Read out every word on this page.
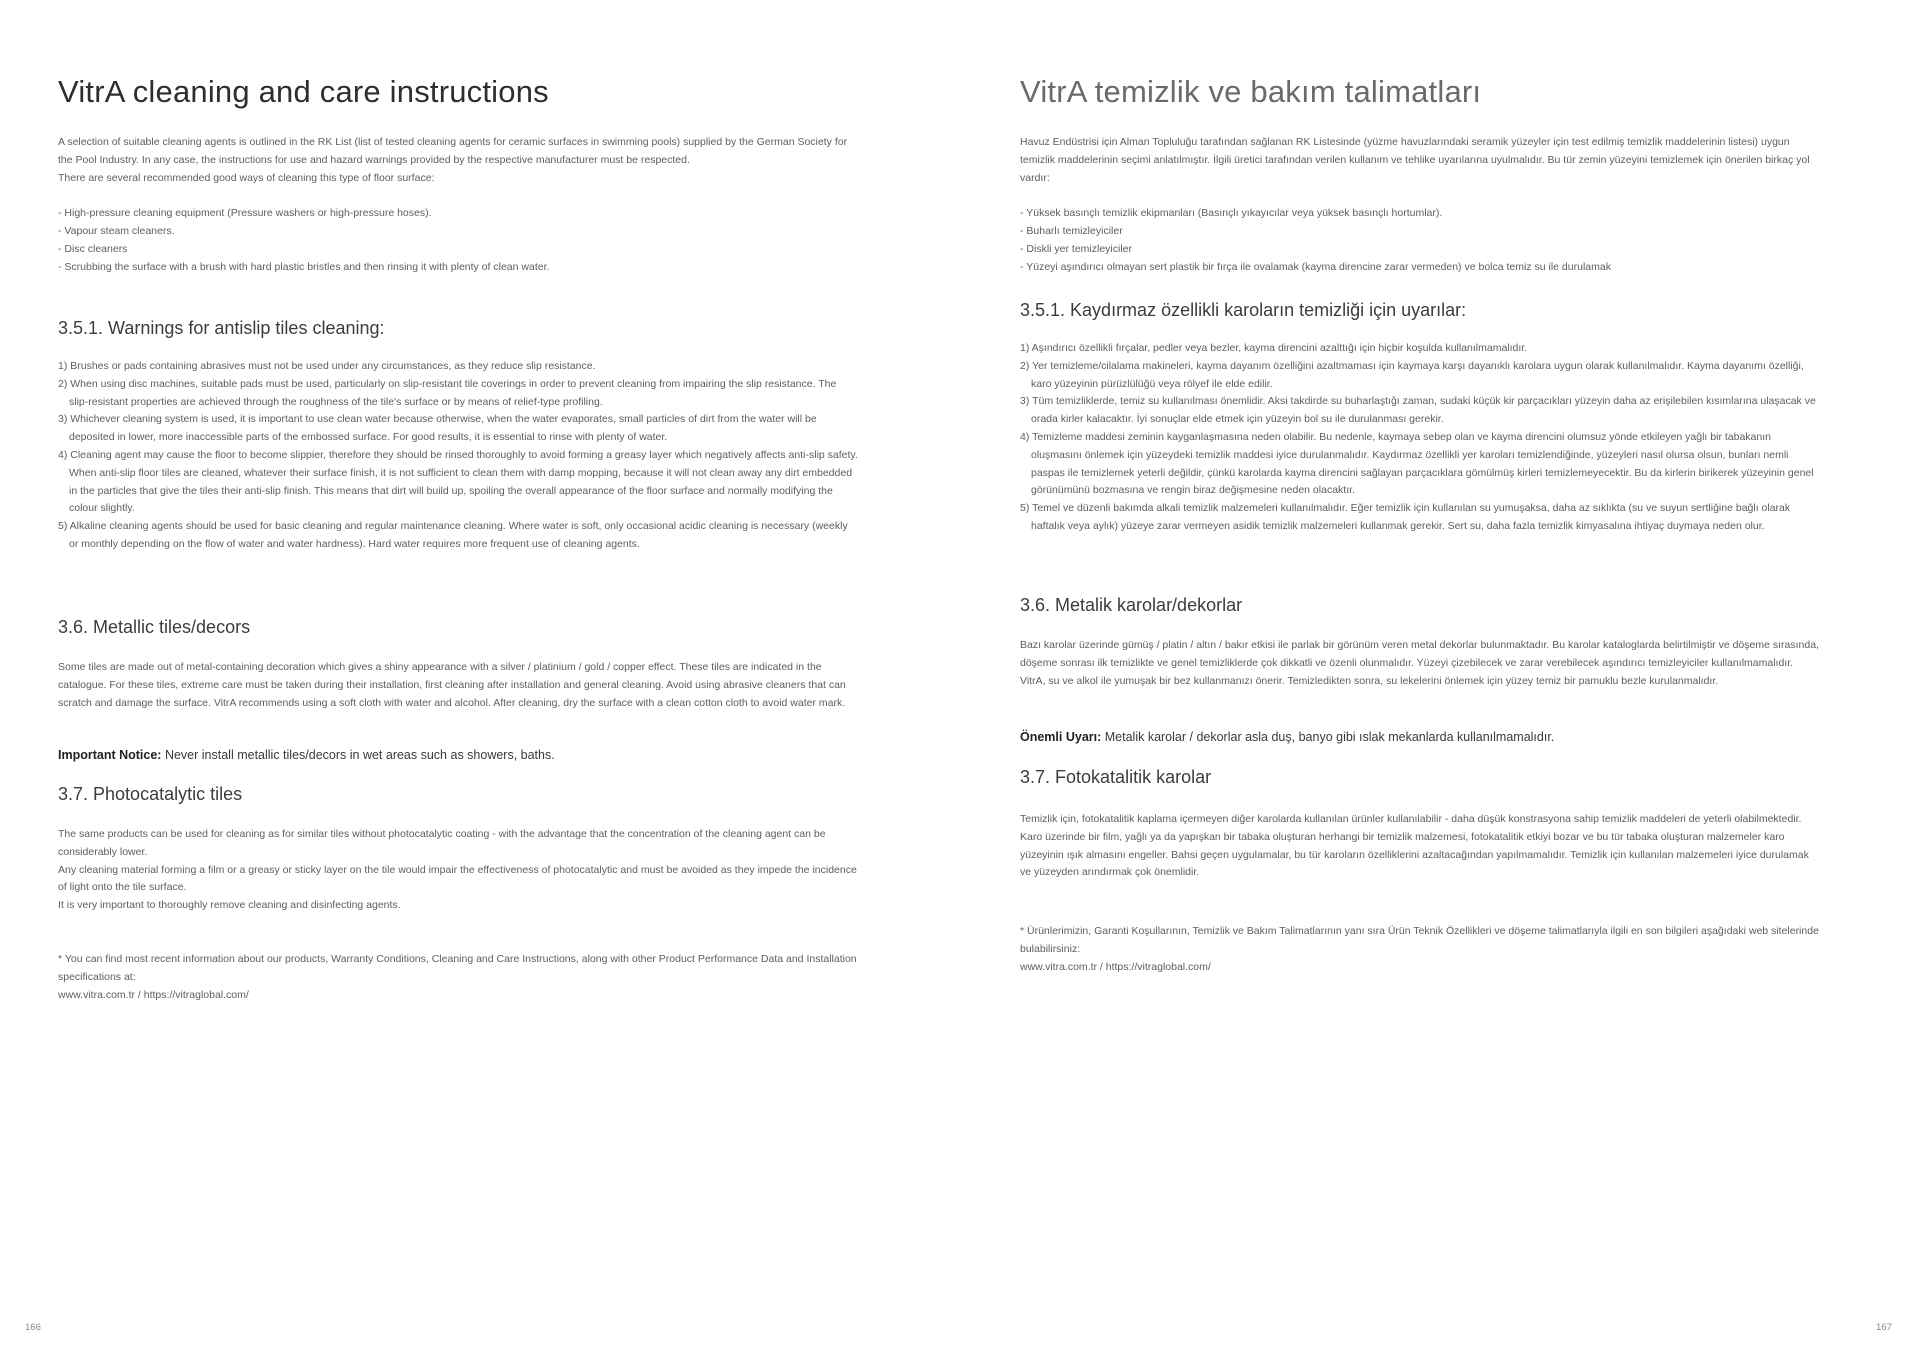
VitrA cleaning and care instructions

A selection of suitable cleaning agents is outlined in the RK List (list of tested cleaning agents for ceramic surfaces in swimming pools) supplied by the German Society for the Pool Industry. In any case, the instructions for use and hazard warnings provided by the respective manufacturer must be respected.

There are several recommended good ways of cleaning this type of floor surface:

- High-pressure cleaning equipment (Pressure washers or high-pressure hoses).

- Vapour steam cleaners.

- Disc cleaners

- Scrubbing the surface with a brush with hard plastic bristles and then rinsing it with plenty of clean water.

3.5.1. Warnings for antislip tiles cleaning:
1) Brushes or pads containing abrasives must not be used under any circumstances, as they reduce slip resistance.
2) When using disc machines, suitable pads must be used, particularly on slip-resistant tile coverings in order to prevent cleaning from impairing the slip resistance. The slip-resistant properties are achieved through the roughness of the tile's surface or by means of relief-type profiling.
3) Whichever cleaning system is used, it is important to use clean water because otherwise, when the water evaporates, small particles of dirt from the water will be deposited in lower, more inaccessible parts of the embossed surface. For good results, it is essential to rinse with plenty of water.
4) Cleaning agent may cause the floor to become slippier, therefore they should be rinsed thoroughly to avoid forming a greasy layer which negatively affects anti-slip safety. When anti-slip floor tiles are cleaned, whatever their surface finish, it is not sufficient to clean them with damp mopping, because it will not clean away any dirt embedded in the particles that give the tiles their anti-slip finish. This means that dirt will build up, spoiling the overall appearance of the floor surface and normally modifying the colour slightly.
5) Alkaline cleaning agents should be used for basic cleaning and regular maintenance cleaning. Where water is soft, only occasional acidic cleaning is necessary (weekly or monthly depending on the flow of water and water hardness). Hard water requires more frequent use of cleaning agents.
3.6. Metallic tiles/decors

Some tiles are made out of metal-containing decoration which gives a shiny appearance with a silver / platinium / gold / copper effect. These tiles are indicated in the catalogue. For these tiles, extreme care must be taken during their installation, first cleaning after installation and general cleaning. Avoid using abrasive cleaners that can scratch and damage the surface. VitrA recommends using a soft cloth with water and alcohol. After cleaning, dry the surface with a clean cotton cloth to avoid water mark.

Important Notice: Never install metallic tiles/decors in wet areas such as showers, baths.

3.7. Photocatalytic tiles

The same products can be used for cleaning as for similar tiles without photocatalytic coating - with the advantage that the concentration of the cleaning agent can be considerably lower.

Any cleaning material forming a film or a greasy or sticky layer on the tile would impair the effectiveness of photocatalytic and must be avoided as they impede the incidence of light onto the tile surface.

It is very important to thoroughly remove cleaning and disinfecting agents.

* You can find most recent information about our products, Warranty Conditions, Cleaning and Care Instructions, along with other Product Performance Data and Installation specifications at:

www.vitra.com.tr / https://vitraglobal.com/

166
VitrA temizlik ve bakım talimatları

Havuz Endüstrisi için Alman Topluluğu tarafından sağlanan RK Listesinde (yüzme havuzlarındaki seramik yüzeyler için test edilmiş temizlik maddelerinin listesi) uygun temizlik maddelerinin seçimi anlatılmıştır. İlgili üretici tarafından verilen kullanım ve tehlike uyarılarına uyulmalıdır. Bu tür zemin yüzeyini temizlemek için önerilen birkaç yol vardır:

- Yüksek basınçlı temizlik ekipmanları (Basınçlı yıkayıcılar veya yüksek basınçlı hortumlar).

- Buharlı temizleyiciler

- Diskli yer temizleyiciler

- Yüzeyi aşındırıcı olmayan sert plastik bir fırça ile ovalamak (kayma direncine zarar vermeden) ve bolca temiz su ile durulamak

3.5.1. Kaydırmaz özellikli karoların temizliği için uyarılar:
1) Aşındırıcı özellikli fırçalar, pedler veya bezler, kayma direncini azalttığı için hiçbir koşulda kullanılmamalıdır.
2) Yer temizleme/cilalama makineleri, kayma dayanım özelliğini azaltmaması için kaymaya karşı dayanıklı karolara uygun olarak kullanılmalıdır. Kayma dayanımı özelliği, karo yüzeyinin pürüzlülüğü veya rölyef ile elde edilir.
3) Tüm temizliklerde, temiz su kullanılması önemlidir. Aksi takdirde su buharlaştığı zaman, sudaki küçük kir parçacıkları yüzeyin daha az erişilebilen kısımlarına ulaşacak ve orada kirler kalacaktır. İyi sonuçlar elde etmek için yüzeyin bol su ile durulanması gerekir.
4) Temizleme maddesi zeminin kayganlaşmasına neden olabilir. Bu nedenle, kaymaya sebep olan ve kayma direncini olumsuz yönde etkileyen yağlı bir tabakanın oluşmasını önlemek için yüzeydeki temizlik maddesi iyice durulanmalıdır. Kaydırmaz özellikli yer karoları temizlendiğinde, yüzeyleri nasıl olursa olsun, bunları nemli paspas ile temizlemek yeterli değildir, çünkü karolarda kayma direncini sağlayan parçacıklara gömülmüş kirleri temizlemeyecektir. Bu da kirlerin birikerek yüzeyinin genel görünümünü bozmasına ve rengin biraz değişmesine neden olacaktır.
5) Temel ve düzenli bakımda alkali temizlik malzemeleri kullanılmalıdır. Eğer temizlik için kullanılan su yumuşaksa, daha az sıklıkta (su ve suyun sertliğine bağlı olarak haftalık veya aylık) yüzeye zarar vermeyen asidik temizlik malzemeleri kullanmak gerekir. Sert su, daha fazla temizlik kimyasalına ihtiyaç duymaya neden olur.
3.6. Metalik karolar/dekorlar

Bazı karolar üzerinde gümüş / platin / altın / bakır etkisi ile parlak bir görünüm veren metal dekorlar bulunmaktadır. Bu karolar kataloglarda belirtilmiştir ve döşeme sırasında, döşeme sonrası ilk temizlikte ve genel temizliklerde çok dikkatli ve özenli olunmalıdır. Yüzeyi çizebilecek ve zarar verebilecek aşındırıcı temizleyiciler kullanılmamalıdır. VitrA, su ve alkol ile yumuşak bir bez kullanmanızı önerir. Temizledikten sonra, su lekelerini önlemek için yüzey temiz bir pamuklu bezle kurulanmalıdır.

Önemli Uyarı: Metalik karolar / dekorlar asla duş, banyo gibi ıslak mekanlarda kullanılmamalıdır.

3.7. Fotokatalitik karolar

Temizlik için, fotokatalitik kaplama içermeyen diğer karolarda kullanılan ürünler kullanılabilir - daha düşük konstrasyona sahip temizlik maddeleri de yeterli olabilmektedir. Karo üzerinde bir film, yağlı ya da yapışkan bir tabaka oluşturan herhangi bir temizlik malzemesi, fotokatalitik etkiyi bozar ve bu tür tabaka oluşturan malzemeler karo yüzeyinin ışık almasını engeller. Bahsi geçen uygulamalar, bu tür karoların özelliklerini azaltacağından yapılmamalıdır. Temizlik için kullanılan malzemeleri iyice durulamak ve yüzeyden arındırmak çok önemlidir.

* Ürünlerimizin, Garanti Koşullarının, Temizlik ve Bakım Talimatlarının yanı sıra Ürün Teknik Özellikleri ve döşeme talimatlarıyla ilgili en son bilgileri aşağıdaki web sitelerinde bulabilirsiniz:

www.vitra.com.tr / https://vitraglobal.com/

167
